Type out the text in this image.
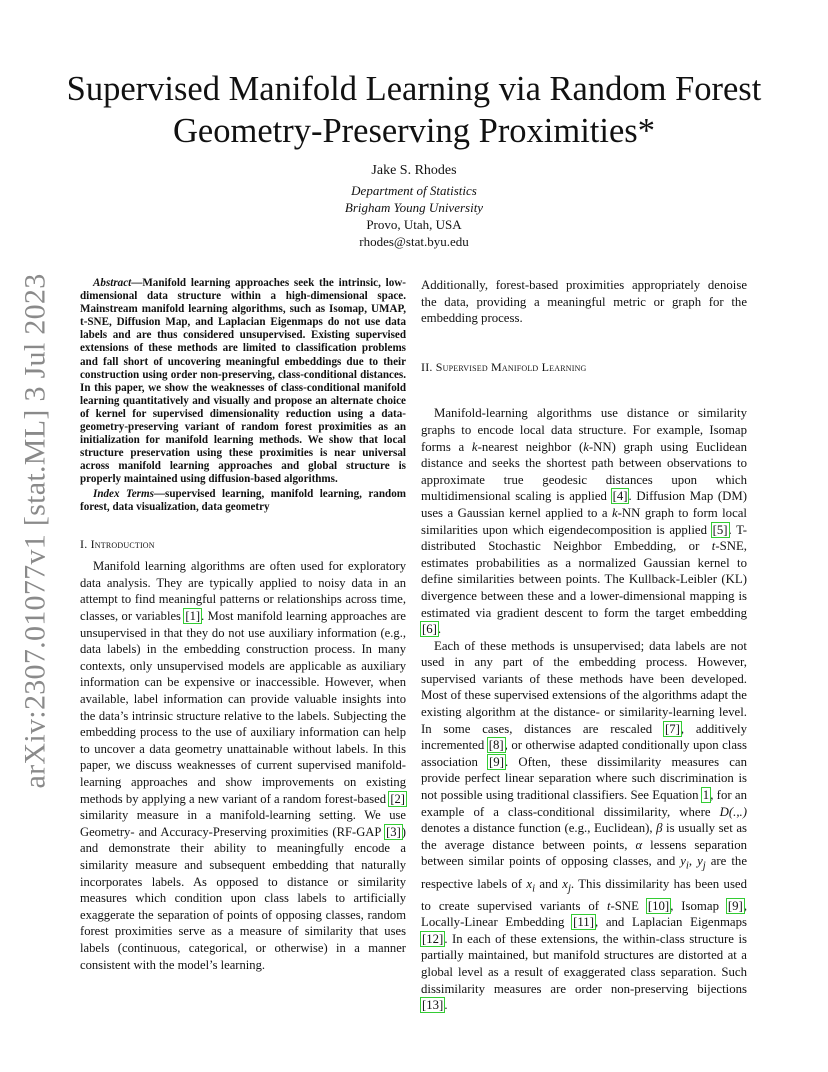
arXiv:2307.01077v1 [stat.ML] 3 Jul 2023
Supervised Manifold Learning via Random Forest
Geometry-Preserving Proximities*
Jake S. Rhodes
Department of Statistics
Brigham Young University
Provo, Utah, USA
rhodes@stat.byu.edu

Abstract—Manifold learning approaches seek the intrinsic, low-dimensional data structure within a high-dimensional space. Mainstream manifold learning algorithms, such as Isomap, UMAP, t-SNE, Diffusion Map, and Laplacian Eigenmaps do not use data labels and are thus considered unsupervised. Existing supervised extensions of these methods are limited to classification problems and fall short of uncovering meaningful embeddings due to their construction using order non-preserving, class-conditional distances. In this paper, we show the weaknesses of class-conditional manifold learning quantitatively and visually and propose an alternate choice of kernel for supervised dimensionality reduction using a data-geometry-preserving variant of random forest proximities as an initialization for manifold learning methods. We show that local structure preservation using these proximities is near universal across manifold learning approaches and global structure is properly maintained using diffusion-based algorithms.

Index Terms—supervised learning, manifold learning, random forest, data visualization, data geometry

I. Introduction

Manifold learning algorithms are often used for exploratory data analysis. They are typically applied to noisy data in an attempt to find meaningful patterns or relationships across time, classes, or variables [1]. Most manifold learning approaches are unsupervised in that they do not use auxiliary information (e.g., data labels) in the embedding construction process. In many contexts, only unsupervised models are applicable as auxiliary information can be expensive or inaccessible. However, when available, label information can provide valuable insights into the data’s intrinsic structure relative to the labels. Subjecting the embedding process to the use of auxiliary information can help to uncover a data geometry unattainable without labels. In this paper, we discuss weaknesses of current supervised manifold-learning approaches and show improvements on existing methods by applying a new variant of a random forest-based [2] similarity measure in a manifold-learning setting. We use Geometry- and Accuracy-Preserving proximities (RF-GAP [3]) and demonstrate their ability to meaningfully encode a similarity measure and subsequent embedding that naturally incorporates labels. As opposed to distance or similarity measures which condition upon class labels to artificially exaggerate the separation of points of opposing classes, random forest proximities serve as a measure of similarity that uses labels (continuous, categorical, or otherwise) in a manner consistent with the model’s learning.

Additionally, forest-based proximities appropriately denoise the data, providing a meaningful metric or graph for the embedding process.

II. Supervised Manifold Learning

Manifold-learning algorithms use distance or similarity graphs to encode local data structure. For example, Isomap forms a k-nearest neighbor (k-NN) graph using Euclidean distance and seeks the shortest path between observations to approximate true geodesic distances upon which multidimensional scaling is applied [4]. Diffusion Map (DM) uses a Gaussian kernel applied to a k-NN graph to form local similarities upon which eigendecomposition is applied [5]. T-distributed Stochastic Neighbor Embedding, or t-SNE, estimates probabilities as a normalized Gaussian kernel to define similarities between points. The Kullback-Leibler (KL) divergence between these and a lower-dimensional mapping is estimated via gradient descent to form the target embedding [6].

Each of these methods is unsupervised; data labels are not used in any part of the embedding process. However, supervised variants of these methods have been developed. Most of these supervised extensions of the algorithms adapt the existing algorithm at the distance- or similarity-learning level. In some cases, distances are rescaled [7], additively incremented [8], or otherwise adapted conditionally upon class association [9]. Often, these dissimilarity measures can provide perfect linear separation where such discrimination is not possible using traditional classifiers. See Equation 1, for an example of a class-conditional dissimilarity, where D(.,.) denotes a distance function (e.g., Euclidean), β is usually set as the average distance between points, α lessens separation between similar points of opposing classes, and $y_i$, $y_j$ are the respective labels of $x_i$ and $x_j$. This dissimilarity has been used to create supervised variants of t-SNE [10], Isomap [9], Locally-Linear Embedding [11], and Laplacian Eigenmaps [12]. In each of these extensions, the within-class structure is partially maintained, but manifold structures are distorted at a global level as a result of exaggerated class separation. Such dissimilarity measures are order non-preserving bijections [13].
